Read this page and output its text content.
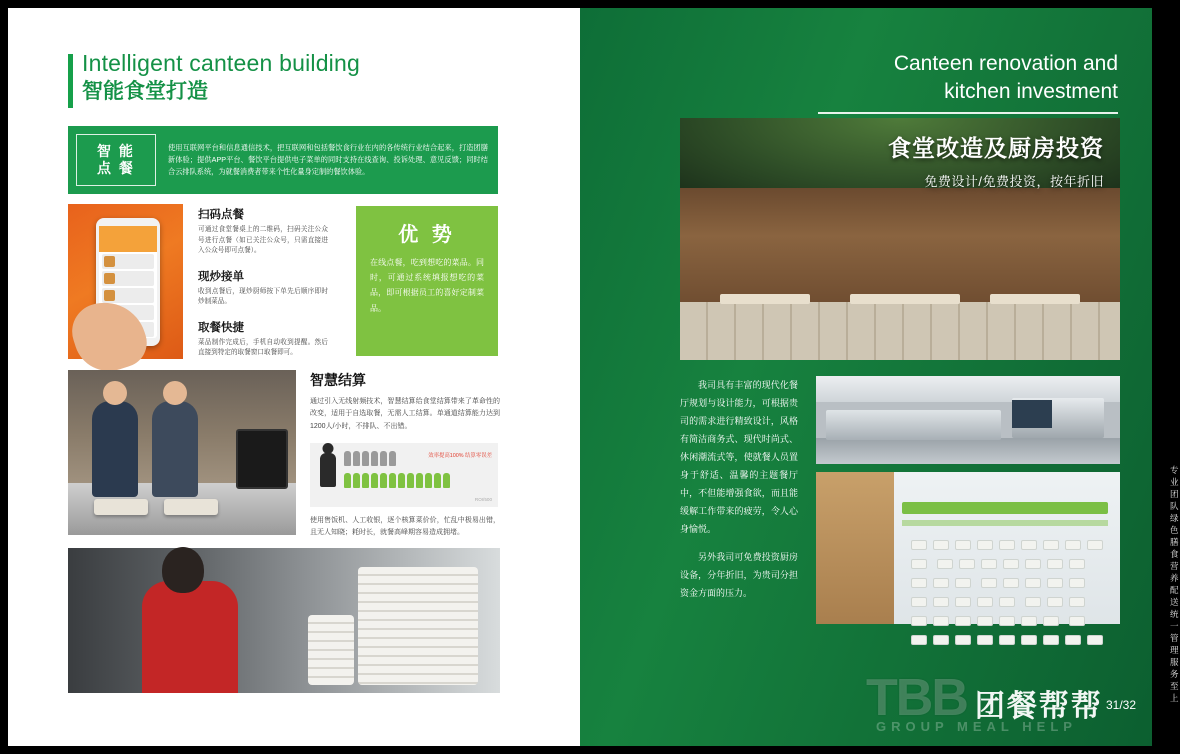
Intelligent canteen building
智能食堂打造
智 能
点 餐
使用互联网平台和信息通信技术，把互联网和包括餐饮食行业在内的各传统行业结合起来，打造团膳新体验；提供APP平台、餐饮平台提供电子菜单的同时支持在线查询、投诉处理、意见反馈；同时结合云排队系统，为就餐消费者带来个性化量身定制的餐饮体验。
扫码点餐
可通过食堂餐桌上的二维码，扫码关注公众号进行点餐（如已关注公众号，只需直接进入公众号即可点餐）。
现炒接单
收到点餐后，现炒厨师按下单先后顺序即时炒制菜品。
取餐快捷
菜品制作完成后，手机自动收到提醒。然后直接到特定的取餐窗口取餐即可。
优 势
在线点餐，吃到想吃的菜品。同时，可通过系统填报想吃的菜品，即可根据员工的喜好定制菜品。
智慧结算
通过引入无线射频技术，智慧结算给食堂结算带来了革命性的改变，适用于自选取餐，无需人工结算。单通道结算能力达到1200人/小时，不排队、不出错。
效率提高100% 结算零误差
ROI/500
使用售饭机、人工收银，逐个核算菜价价，忙乱中极易出错，且无人知晓；耗时长，就餐高峰期容易造成拥堵。
Canteen renovation and
kitchen investment
食堂改造及厨房投资
免费设计/免费投资，按年折旧

我司具有丰富的现代化餐厅规划与设计能力，可根据贵司的需求进行精致设计，风格有简洁商务式、现代时尚式、休闲潮流式等，使就餐人员置身于舒适、温馨的主题餐厅中，不但能增强食欲，而且能缓解工作带来的疲劳，令人心身愉悦。

另外我司可免费投资厨房设备，分年折旧，为贵司分担资金方面的压力。

TBB 团餐帮帮
GROUP MEAL HELP
专业团队 绿色膳食 营养配送 统一管理 服务至上
31/32
